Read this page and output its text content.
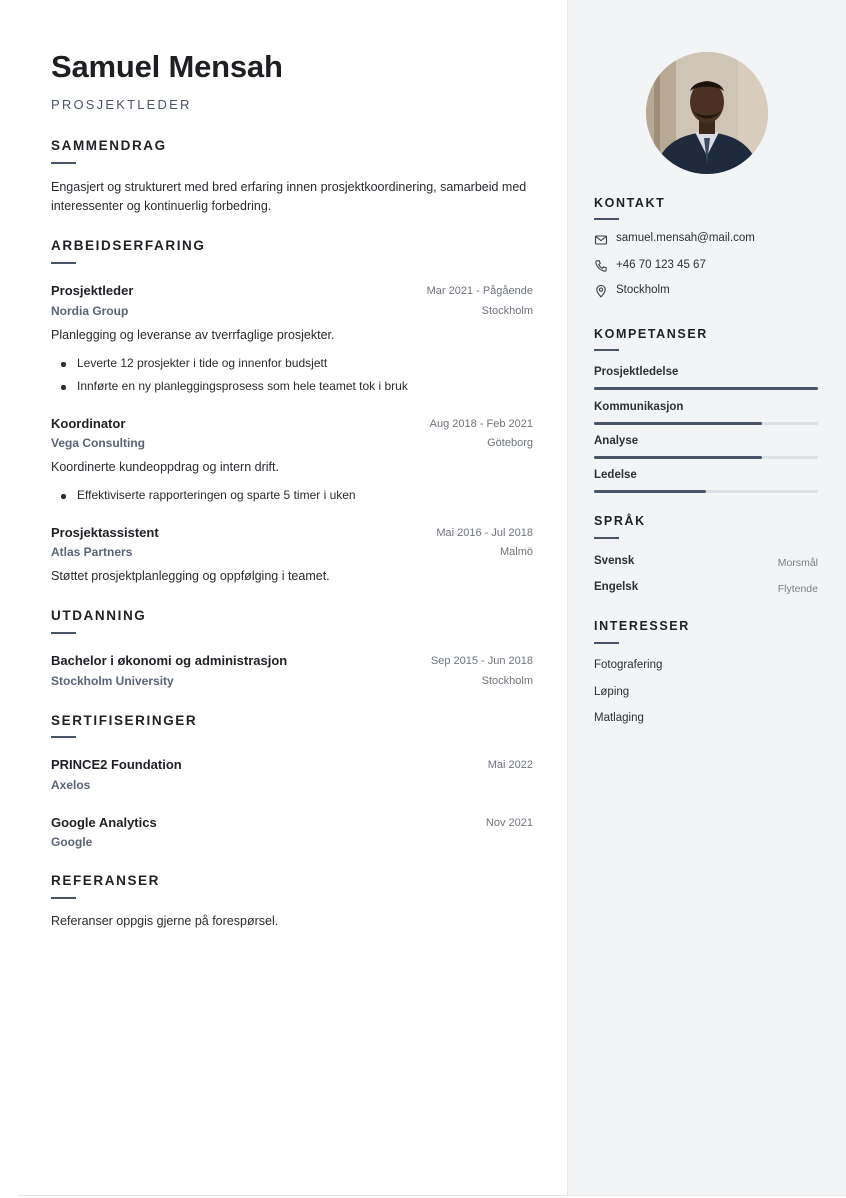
Samuel Mensah
PROSJEKTLEDER
SAMMENDRAG
Engasjert og strukturert med bred erfaring innen prosjektkoordinering, samarbeid med interessenter og kontinuerlig forbedring.
ARBEIDSERFARING
Prosjektleder	Mar 2021 - Pågående
Nordia Group	Stockholm
Planlegging og leveranse av tverrfaglige prosjekter.
Leverte 12 prosjekter i tide og innenfor budsjett
Innførte en ny planleggingsprosess som hele teamet tok i bruk
Koordinator	Aug 2018 - Feb 2021
Vega Consulting	Göteborg
Koordinerte kundeoppdrag og intern drift.
Effektiviserte rapporteringen og sparte 5 timer i uken
Prosjektassistent	Mai 2016 - Jul 2018
Atlas Partners	Malmö
Støttet prosjektplanlegging og oppfølging i teamet.
UTDANNING
Bachelor i økonomi og administrasjon	Sep 2015 - Jun 2018
Stockholm University	Stockholm
SERTIFISERINGER
PRINCE2 Foundation	Mai 2022
Axelos
Google Analytics	Nov 2021
Google
REFERANSER
Referanser oppgis gjerne på forespørsel.
KONTAKT
samuel.mensah@mail.com
+46 70 123 45 67
Stockholm
KOMPETANSER
Prosjektledelse
Kommunikasjon
Analyse
Ledelse
SPRÅK
Svensk	Morsmål
Engelsk	Flytende
INTERESSER
Fotografering
Løping
Matlaging
